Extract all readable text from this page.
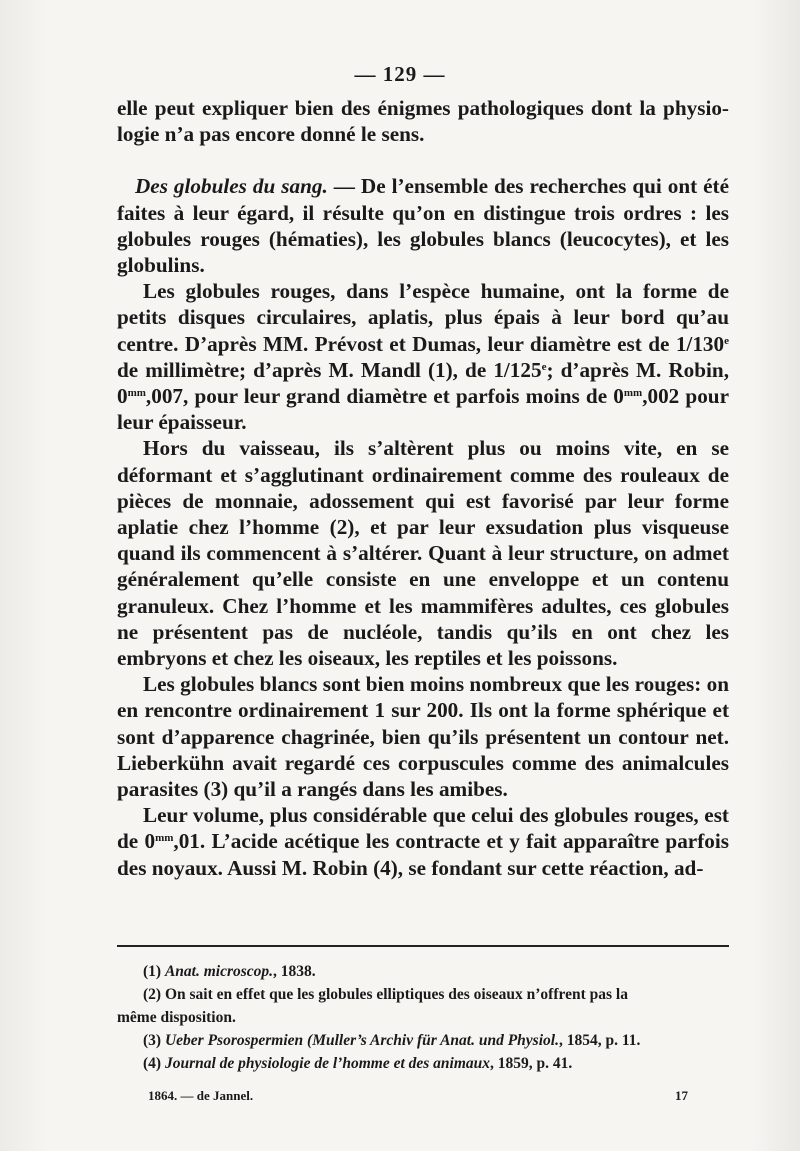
— 129 —

elle peut expliquer bien des énigmes pathologiques dont la physio- logie n’a pas encore donné le sens.

Des globules du sang. — De l’ensemble des recherches qui ont été faites à leur égard, il résulte qu’on en distingue trois ordres : les globules rouges (hématies), les globules blancs (leucocytes), et les globulins.

Les globules rouges, dans l’espèce humaine, ont la forme de petits disques circulaires, aplatis, plus épais à leur bord qu’au centre. D’après MM. Prévost et Dumas, leur diamètre est de 1/130e de millimètre; d’après M. Mandl (1), de 1/125e; d’après M. Robin, $0^{mm},007$, pour leur grand diamètre et parfois moins de $0^{mm},002$ pour leur épaisseur.

Hors du vaisseau, ils s’altèrent plus ou moins vite, en se déformant et s’agglutinant ordinairement comme des rouleaux de pièces de monnaie, adossement qui est favorisé par leur forme aplatie chez l’homme (2), et par leur exsudation plus visqueuse quand ils commencent à s’altérer. Quant à leur structure, on admet généralement qu’elle consiste en une enveloppe et un contenu granuleux. Chez l’homme et les mammifères adultes, ces globules ne présentent pas de nucléole, tandis qu’ils en ont chez les embryons et chez les oiseaux, les reptiles et les poissons.

Les globules blancs sont bien moins nombreux que les rouges: on en rencontre ordinairement 1 sur 200. Ils ont la forme sphérique et sont d’apparence chagrinée, bien qu’ils présentent un contour net. Lieberkühn avait regardé ces corpuscules comme des animalcules parasites (3) qu’il a rangés dans les amibes.

Leur volume, plus considérable que celui des globules rouges, est de $0^{mm},01$. L’acide acétique les contracte et y fait apparaître parfois des noyaux. Aussi M. Robin (4), se fondant sur cette réaction, ad-

(1) Anat. microscop., 1838.

(2) On sait en effet que les globules elliptiques des oiseaux n’offrent pas la

même disposition.

(3) Ueber Psorospermien (Muller’s Archiv für Anat. und Physiol., 1854, p. 11.

(4) Journal de physiologie de l’homme et des animaux, 1859, p. 41.

1864. — de Jannel.	17
